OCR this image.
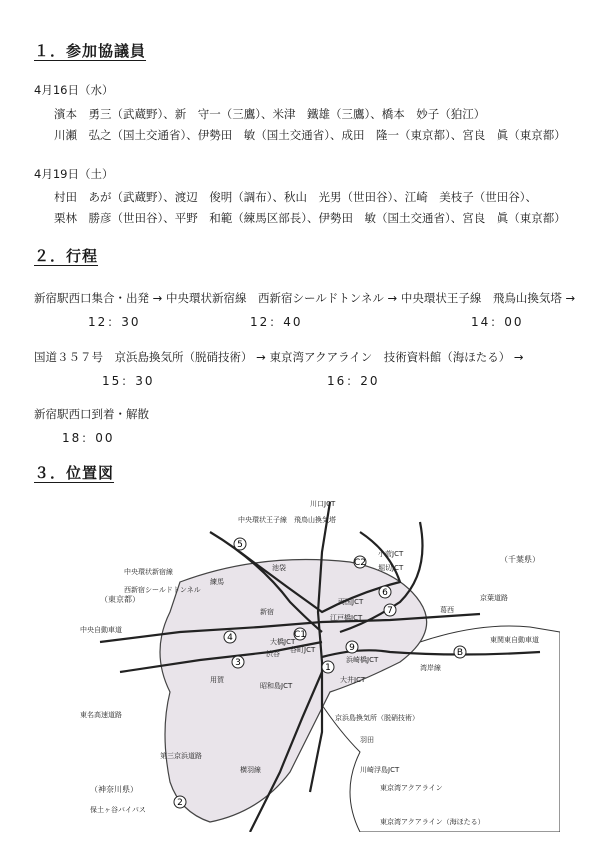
１．参加協議員

4月16日（水）

濱本　勇三（武蔵野）、新　守一（三鷹）、米津　鐵雄（三鷹）、橋本　妙子（狛江）

川瀬　弘之（国土交通省）、伊勢田　敏（国土交通省）、成田　隆一（東京都）、宮良　眞（東京都）

4月19日（土）

村田　あが（武蔵野）、渡辺　俊明（調布）、秋山　光男（世田谷）、江崎　美枝子（世田谷）、

栗林　勝彦（世田谷）、平野　和範（練馬区部長）、伊勢田　敏（国土交通省）、宮良　眞（東京都）

２．行程

新宿駅西口集合・出発 → 中央環状新宿線　西新宿シールドトンネル → 中央環状王子線　飛鳥山換気塔 →

12：30	12：40	14：00

国道３５７号　京浜島換気所（脱硝技術） → 東京湾アクアライン　技術資料館（海ほたる） →

15：30	16：20

新宿駅西口到着・解散

18：00

３．位置図
5
C2
6
7
4
3
C1
1
9	B
2
中央環状王子線　飛鳥山換気塔
中央環状新宿線
西新宿シールドトンネル
（東京都）
（千葉県）
（神奈川県）
京浜島換気所（脱硝技術）
東京湾アクアライン
東京湾アクアライン（海ほたる）
中央自動車道
東名高速道路
第三京浜道路
横羽線
保土ヶ谷バイパス
川口JCT
小菅JCT
堀切JCT
両国JCT
江戸橋JCT
浜崎橋JCT
大井JCT
昭和島JCT
大橋JCT
川崎浮島JCT
練馬
池袋
新宿
渋谷 谷町JCT
用賀
羽田
葛西
湾岸線
京葉道路
東関東自動車道
